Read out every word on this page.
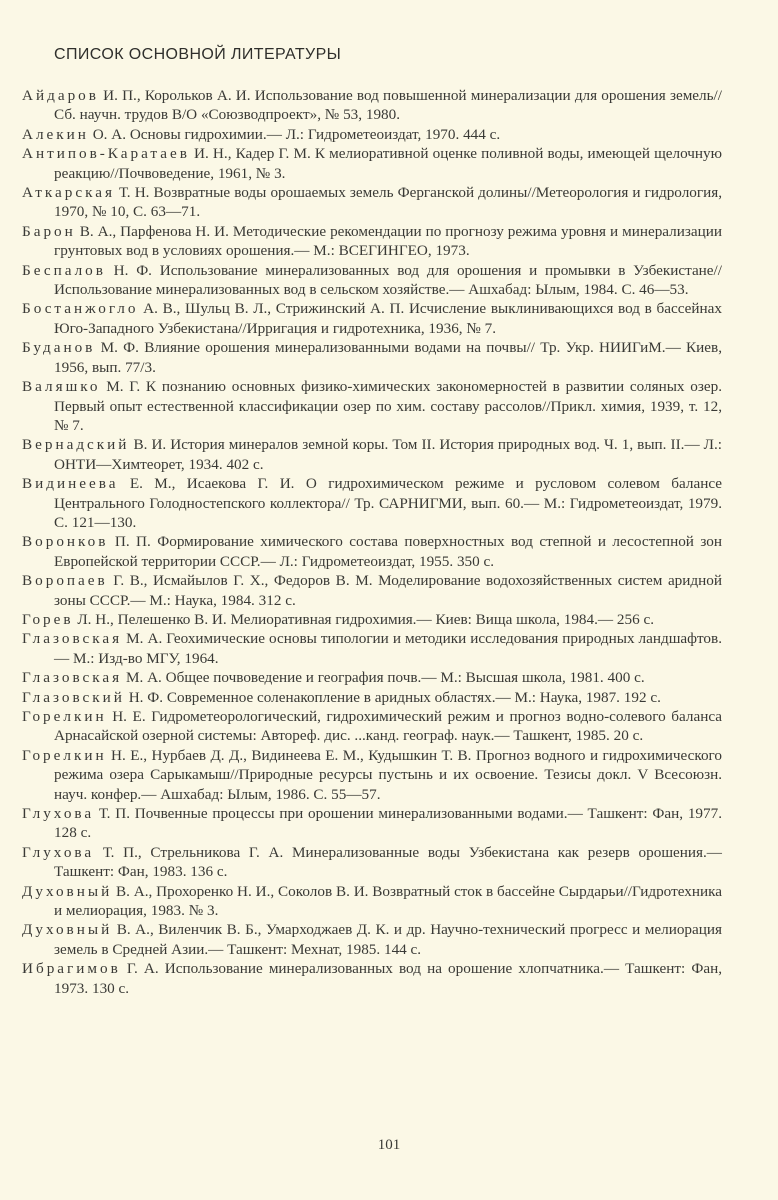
СПИСОК ОСНОВНОЙ ЛИТЕРАТУРЫ
Айдаров И. П., Корольков А. И. Использование вод повышенной минерализации для орошения земель//Сб. научн. трудов В/О «Союзводпроект», № 53, 1980.
Алекин О. А. Основы гидрохимии.— Л.: Гидрометеоиздат, 1970. 444 с.
Антипов-Каратаев И. Н., Кадер Г. М. К мелиоративной оценке поливной воды, имеющей щелочную реакцию//Почвоведение, 1961, № 3.
Аткарская Т. Н. Возвратные воды орошаемых земель Ферганской долины//Метеорология и гидрология, 1970, № 10, С. 63—71.
Барон В. А., Парфенова Н. И. Методические рекомендации по прогнозу режима уровня и минерализации грунтовых вод в условиях орошения.— М.: ВСЕГИНГЕО, 1973.
Беспалов Н. Ф. Использование минерализованных вод для орошения и промывки в Узбекистане//Использование минерализованных вод в сельском хозяйстве.— Ашхабад: Ылым, 1984. С. 46—53.
Бостанжогло А. В., Шульц В. Л., Стрижинский А. П. Исчисление выклинивающихся вод в бассейнах Юго-Западного Узбекистана//Ирригация и гидротехника, 1936, № 7.
Буданов М. Ф. Влияние орошения минерализованными водами на почвы// Тр. Укр. НИИГиМ.— Киев, 1956, вып. 77/3.
Валяшко М. Г. К познанию основных физико-химических закономерностей в развитии соляных озер. Первый опыт естественной классификации озер по хим. составу рассолов//Прикл. химия, 1939, т. 12, № 7.
Вернадский В. И. История минералов земной коры. Том II. История природных вод. Ч. 1, вып. II.— Л.: ОНТИ—Химтеорет, 1934. 402 с.
Видинеева Е. М., Исаекова Г. И. О гидрохимическом режиме и русловом солевом балансе Центрального Голодностепского коллектора// Тр. САРНИГМИ, вып. 60.— М.: Гидрометеоиздат, 1979. С. 121—130.
Воронков П. П. Формирование химического состава поверхностных вод степной и лесостепной зон Европейской территории СССР.— Л.: Гидрометеоиздат, 1955. 350 с.
Воропаев Г. В., Исмайылов Г. Х., Федоров В. М. Моделирование водохозяйственных систем аридной зоны СССР.— М.: Наука, 1984. 312 с.
Горев Л. Н., Пелешенко В. И. Мелиоративная гидрохимия.— Киев: Вища школа, 1984.— 256 с.
Глазовская М. А. Геохимические основы типологии и методики исследования природных ландшафтов.— М.: Изд-во МГУ, 1964.
Глазовская М. А. Общее почвоведение и география почв.— М.: Высшая школа, 1981. 400 с.
Глазовский Н. Ф. Современное соленакопление в аридных областях.— М.: Наука, 1987. 192 с.
Горелкин Н. Е. Гидрометеорологический, гидрохимический режим и прогноз водно-солевого баланса Арнасайской озерной системы: Автореф. дис. ...канд. географ. наук.— Ташкент, 1985. 20 с.
Горелкин Н. Е., Нурбаев Д. Д., Видинеева Е. М., Кудышкин Т. В. Прогноз водного и гидрохимического режима озера Сарыкамыш//Природные ресурсы пустынь и их освоение. Тезисы докл. V Всесоюзн. науч. конфер.— Ашхабад: Ылым, 1986. С. 55—57.
Глухова Т. П. Почвенные процессы при орошении минерализованными водами.— Ташкент: Фан, 1977. 128 с.
Глухова Т. П., Стрельникова Г. А. Минерализованные воды Узбекистана как резерв орошения.— Ташкент: Фан, 1983. 136 с.
Духовный В. А., Прохоренко Н. И., Соколов В. И. Возвратный сток в бассейне Сырдарьи//Гидротехника и мелиорация, 1983. № 3.
Духовный В. А., Виленчик В. Б., Умарходжаев Д. К. и др. Научно-технический прогресс и мелиорация земель в Средней Азии.— Ташкент: Мехнат, 1985. 144 с.
Ибрагимов Г. А. Использование минерализованных вод на орошение хлопчатника.— Ташкент: Фан, 1973. 130 с.
101
